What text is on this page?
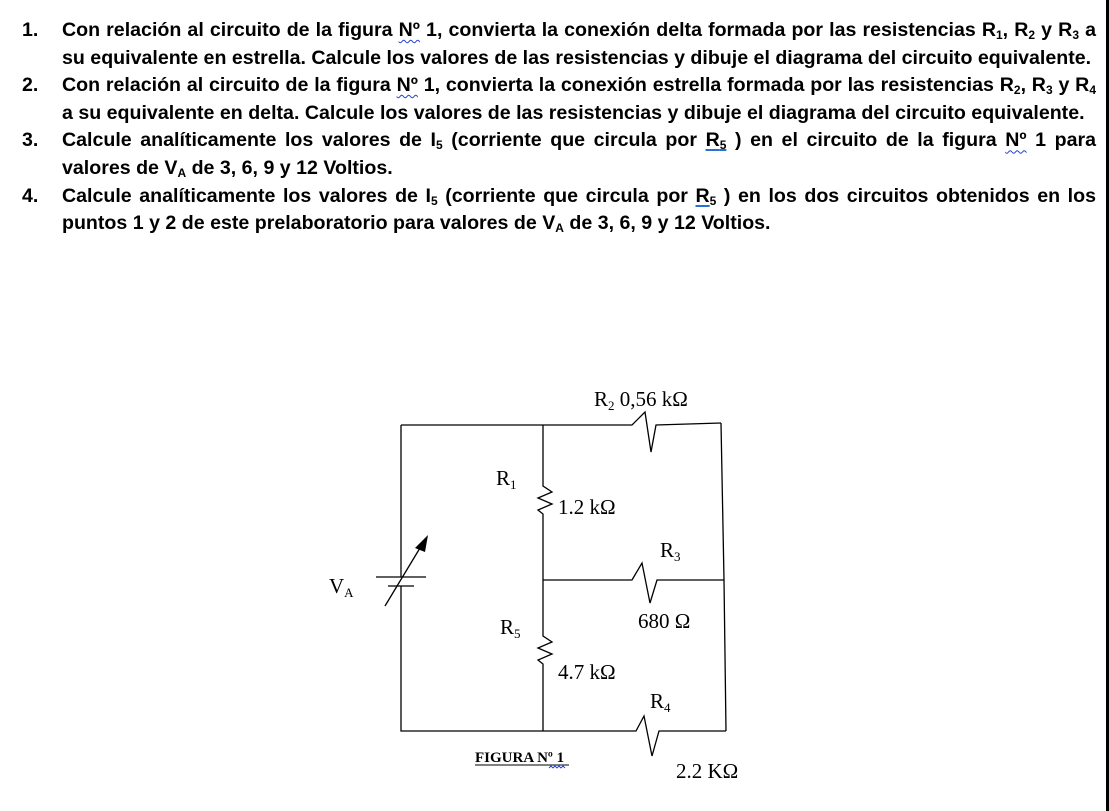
1. Con relación al circuito de la figura Nº 1, convierta la conexión delta formada por las resistencias $R_1$, $R_2$ y $R_3$ a su equivalente en estrella. Calcule los valores de las resistencias y dibuje el diagrama del circuito equivalente.
2. Con relación al circuito de la figura Nº 1, convierta la conexión estrella formada por las resistencias $R_2$, $R_3$ y $R_4$ a su equivalente en delta. Calcule los valores de las resistencias y dibuje el diagrama del circuito equivalente.
3. Calcule analíticamente los valores de $I_5$ (corriente que circula por $R_5$ ) en el circuito de la figura Nº 1 para valores de $V_A$ de 3, 6, 9 y 12 Voltios.
4. Calcule analíticamente los valores de $I_5$ (corriente que circula por $R_5$ ) en los dos circuitos obtenidos en los puntos 1 y 2 de este prelaboratorio para valores de $V_A$ de 3, 6, 9 y 12 Voltios.
R2 0,56 kΩ
R1
1.2 kΩ
R3
VA
R5
680 Ω
4.7 kΩ
R4
2.2 KΩ
FIGURA Nº 1
